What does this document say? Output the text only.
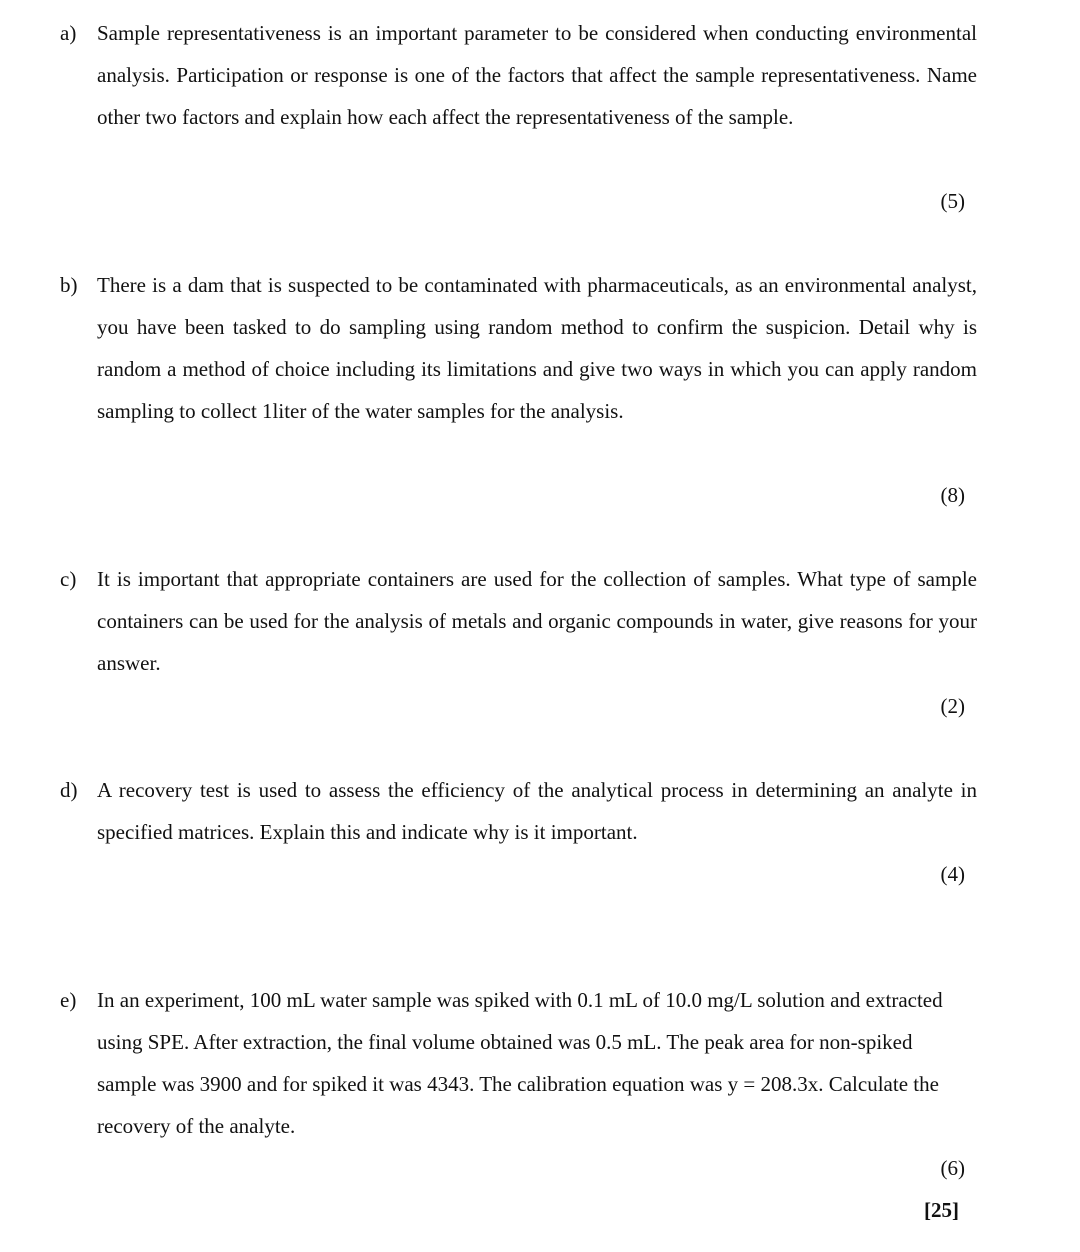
a) Sample representativeness is an important parameter to be considered when conducting environmental analysis. Participation or response is one of the factors that affect the sample representativeness. Name other two factors and explain how each affect the representativeness of the sample.

(5)
b) There is a dam that is suspected to be contaminated with pharmaceuticals, as an environmental analyst, you have been tasked to do sampling using random method to confirm the suspicion. Detail why is random a method of choice including its limitations and give two ways in which you can apply random sampling to collect 1liter of the water samples for the analysis.

(8)
c) It is important that appropriate containers are used for the collection of samples. What type of sample containers can be used for the analysis of metals and organic compounds in water, give reasons for your answer.

(2)
d) A recovery test is used to assess the efficiency of the analytical process in determining an analyte in specified matrices. Explain this and indicate why is it important.

(4)
e) In an experiment, 100 mL water sample was spiked with 0.1 mL of 10.0 mg/L solution and extracted using SPE. After extraction, the final volume obtained was 0.5 mL. The peak area for non-spiked sample was 3900 and for spiked it was 4343. The calibration equation was y = 208.3x. Calculate the recovery of the analyte.

(6)
[25]
